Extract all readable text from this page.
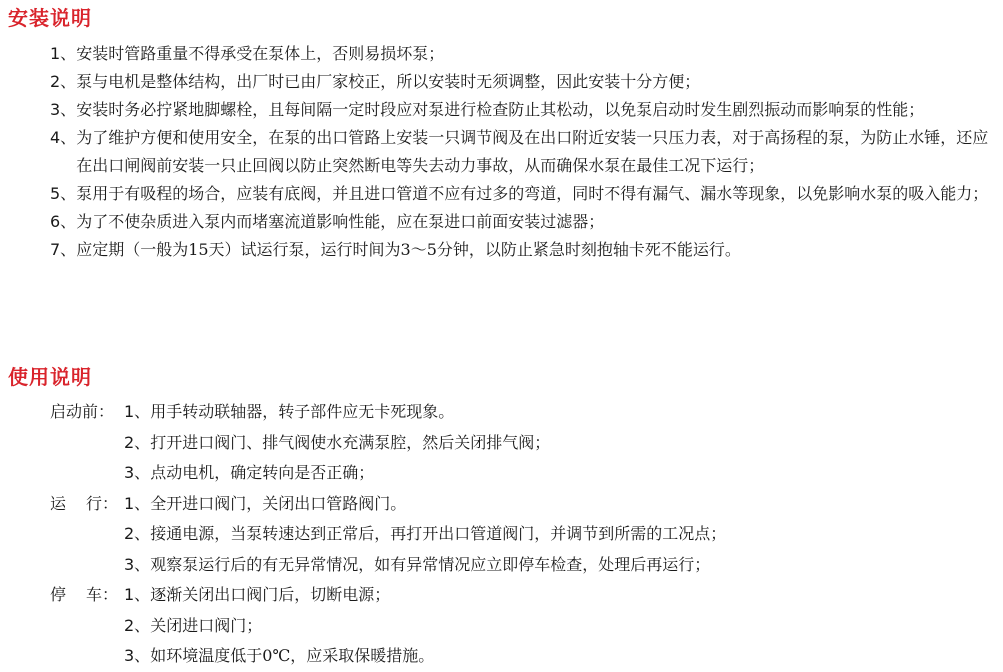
安装说明
1、 安装时管路重量不得承受在泵体上，否则易损坏泵；
2、 泵与电机是整体结构，出厂时已由厂家校正，所以安装时无须调整，因此安装十分方便；
3、 安装时务必拧紧地脚螺栓，且每间隔一定时段应对泵进行检查防止其松动，以免泵启动时发生剧烈振动而影响泵的性能；
4、 为了维护方便和使用安全，在泵的出口管路上安装一只调节阀及在出口附近安装一只压力表，对于高扬程的泵，为防止水锤，还应在出口闸阀前安装一只止回阀以防止突然断电等失去动力事故，从而确保水泵在最佳工况下运行；
5、 泵用于有吸程的场合，应装有底阀，并且进口管道不应有过多的弯道，同时不得有漏气、漏水等现象，以免影响水泵的吸入能力；
6、 为了不使杂质进入泵内而堵塞流道影响性能，应在泵进口前面安装过滤器；
7、 应定期（一般为15天）试运行泵，运行时间为3～5分钟，以防止紧急时刻抱轴卡死不能运行。
使用说明
启动前： 1、 用手转动联轴器，转子部件应无卡死现象。
2、 打开进口阀门、排气阀使水充满泵腔，然后关闭排气阀；
3、 点动电机，确定转向是否正确；
运 行： 1、 全开进口阀门，关闭出口管路阀门。
2、 接通电源，当泵转速达到正常后，再打开出口管道阀门，并调节到所需的工况点；
3、 观察泵运行后的有无异常情况，如有异常情况应立即停车检查，处理后再运行；
停 车： 1、 逐渐关闭出口阀门后，切断电源；
2、 关闭进口阀门；
3、 如环境温度低于0℃，应采取保暖措施。
